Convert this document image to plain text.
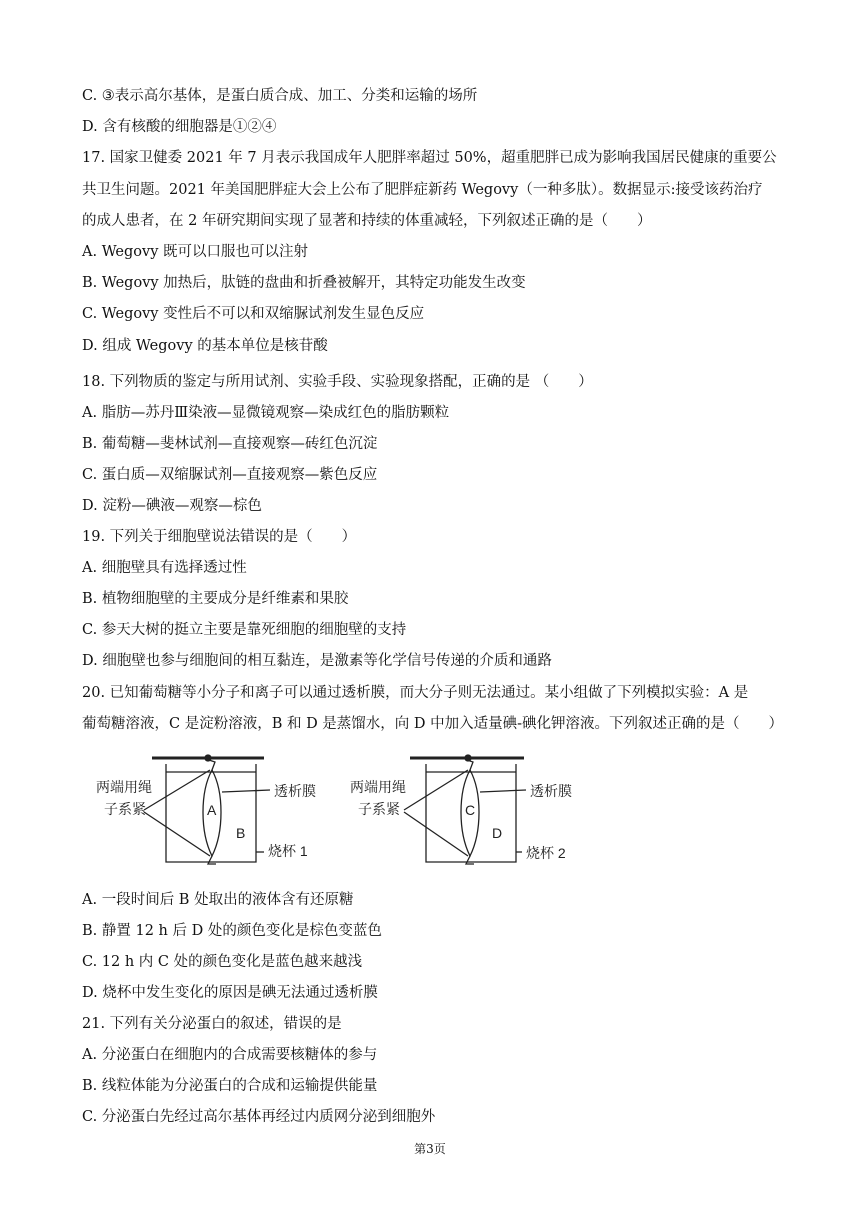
C. ③表示高尔基体，是蛋白质合成、加工、分类和运输的场所
D. 含有核酸的细胞器是①②④
17. 国家卫健委 2021 年 7 月表示我国成年人肥胖率超过 50%，超重肥胖已成为影响我国居民健康的重要公
共卫生问题。2021 年美国肥胖症大会上公布了肥胖症新药 Wegovy（一种多肽）。数据显示:接受该药治疗
的成人患者，在 2 年研究期间实现了显著和持续的体重减轻，下列叙述正确的是（　　）
A. Wegovy 既可以口服也可以注射
B. Wegovy 加热后，肽链的盘曲和折叠被解开，其特定功能发生改变
C. Wegovy 变性后不可以和双缩脲试剂发生显色反应
D. 组成 Wegovy 的基本单位是核苷酸
18. 下列物质的鉴定与所用试剂、实验手段、实验现象搭配，正确的是 （　　）
A. 脂肪—苏丹Ⅲ染液—显微镜观察—染成红色的脂肪颗粒
B. 葡萄糖—斐林试剂—直接观察—砖红色沉淀
C. 蛋白质—双缩脲试剂—直接观察—紫色反应
D. 淀粉—碘液—观察—棕色
19. 下列关于细胞壁说法错误的是（　　）
A. 细胞壁具有选择透过性
B. 植物细胞壁的主要成分是纤维素和果胶
C. 参天大树的挺立主要是靠死细胞的细胞壁的支持
D. 细胞壁也参与细胞间的相互黏连，是激素等化学信号传递的介质和通路
20. 已知葡萄糖等小分子和离子可以通过透析膜，而大分子则无法通过。某小组做了下列模拟实验：A 是
葡萄糖溶液，C 是淀粉溶液，B 和 D 是蒸馏水，向 D 中加入适量碘-碘化钾溶液。下列叙述正确的是（　　）
A. 一段时间后 B 处取出的液体含有还原糖
B. 静置 12 h 后 D 处的颜色变化是棕色变蓝色
C. 12 h 内 C 处的颜色变化是蓝色越来越浅
D. 烧杯中发生变化的原因是碘无法通过透析膜
21. 下列有关分泌蛋白的叙述，错误的是
A. 分泌蛋白在细胞内的合成需要核糖体的参与
B. 线粒体能为分泌蛋白的合成和运输提供能量
C. 分泌蛋白先经过高尔基体再经过内质网分泌到细胞外
两端用绳
子系紧
透析膜
A
B
烧杯 1
两端用绳
子系紧
透析膜
C
D
烧杯 2
第3页
